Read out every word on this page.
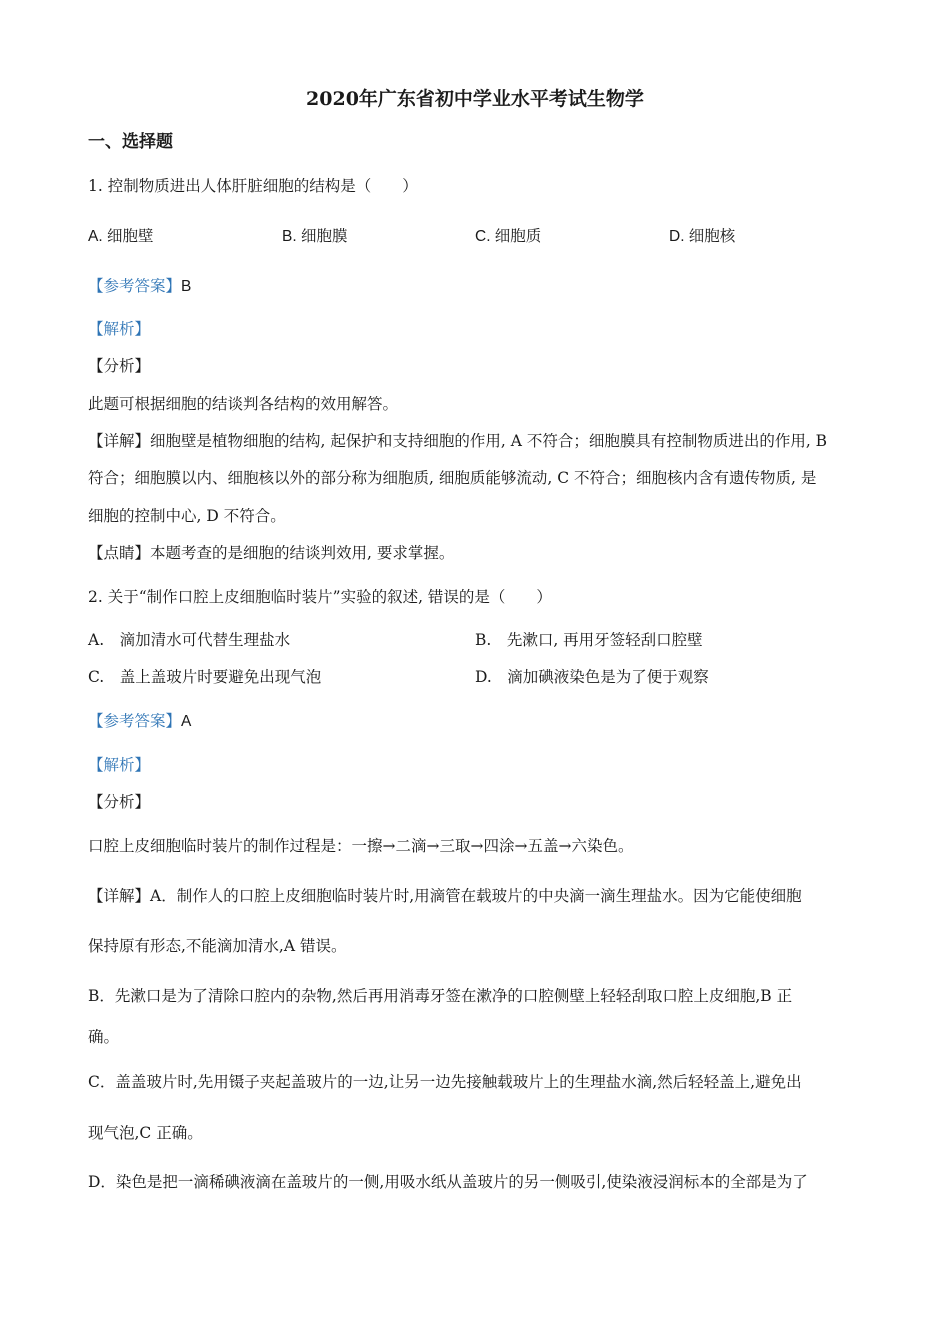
2020年广东省初中学业水平考试生物学
一、选择题
1. 控制物质进出人体肝脏细胞的结构是（　　）
A. 细胞壁	B. 细胞膜	C. 细胞质	D. 细胞核
【参考答案】B
【解析】
【分析】
此题可根据细胞的结谈判各结构的效用解答。
【详解】细胞壁是植物细胞的结构, 起保护和支持细胞的作用, A 不符合；细胞膜具有控制物质进出的作用, B
符合；细胞膜以内、细胞核以外的部分称为细胞质, 细胞质能够流动, C 不符合；细胞核内含有遗传物质, 是
细胞的控制中心, D 不符合。
【点睛】本题考查的是细胞的结谈判效用, 要求掌握。
2. 关于“制作口腔上皮细胞临时装片”实验的叙述, 错误的是（　　）
A.　滴加清水可代替生理盐水	B.　先漱口, 再用牙签轻刮口腔壁
C.　盖上盖玻片时要避免出现气泡	D.　滴加碘液染色是为了便于观察
【参考答案】A
【解析】
【分析】
口腔上皮细胞临时装片的制作过程是：一擦→二滴→三取→四涂→五盖→六染色。
【详解】A．制作人的口腔上皮细胞临时装片时,用滴管在载玻片的中央滴一滴生理盐水。因为它能使细胞
保持原有形态,不能滴加清水,A 错误。
B．先漱口是为了清除口腔内的杂物,然后再用消毒牙签在漱净的口腔侧壁上轻轻刮取口腔上皮细胞,B 正
确。
C．盖盖玻片时,先用镊子夹起盖玻片的一边,让另一边先接触载玻片上的生理盐水滴,然后轻轻盖上,避免出
现气泡,C 正确。
D．染色是把一滴稀碘液滴在盖玻片的一侧,用吸水纸从盖玻片的另一侧吸引,使染液浸润标本的全部是为了
